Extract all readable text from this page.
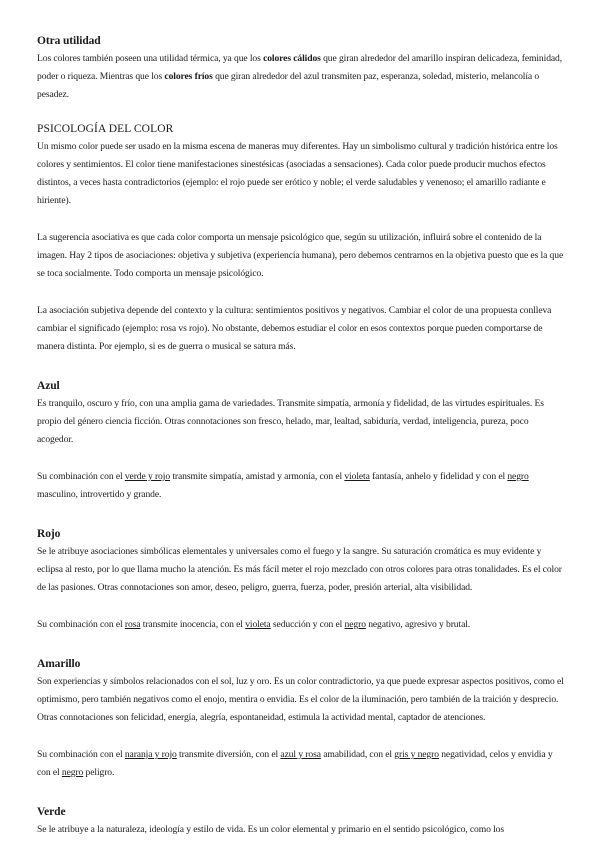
Otra utilidad

Los colores también poseen una utilidad térmica, ya que los colores cálidos que giran alrededor del amarillo inspiran delicadeza, feminidad, poder o riqueza. Mientras que los colores fríos que giran alrededor del azul transmiten paz, esperanza, soledad, misterio, melancolía o pesadez.

PSICOLOGÍA DEL COLOR

Un mismo color puede ser usado en la misma escena de maneras muy diferentes. Hay un simbolismo cultural y tradición histórica entre los colores y sentimientos. El color tiene manifestaciones sinestésicas (asociadas a sensaciones). Cada color puede producir muchos efectos distintos, a veces hasta contradictorios (ejemplo: el rojo puede ser erótico y noble; el verde saludables y venenoso; el amarillo radiante e hiriente).

La sugerencia asociativa es que cada color comporta un mensaje psicológico que, según su utilización, influirá sobre el contenido de la imagen. Hay 2 tipos de asociaciones: objetiva y subjetiva (experiencia humana), pero debemos centrarnos en la objetiva puesto que es la que se toca socialmente. Todo comporta un mensaje psicológico.

La asociación subjetiva depende del contexto y la cultura: sentimientos positivos y negativos. Cambiar el color de una propuesta conlleva cambiar el significado (ejemplo: rosa vs rojo). No obstante, debemos estudiar el color en esos contextos porque pueden comportarse de manera distinta. Por ejemplo, si es de guerra o musical se satura más.

Azul

Es tranquilo, oscuro y frío, con una amplia gama de variedades. Transmite simpatía, armonía y fidelidad, de las virtudes espirituales. Es propio del género ciencia ficción. Otras connotaciones son fresco, helado, mar, lealtad, sabiduría, verdad, inteligencia, pureza, poco acogedor.

Su combinación con el verde y rojo transmite simpatía, amistad y armonía, con el violeta fantasía, anhelo y fidelidad y con el negro masculino, introvertido y grande.

Rojo

Se le atribuye asociaciones simbólicas elementales y universales como el fuego y la sangre. Su saturación cromática es muy evidente y eclipsa al resto, por lo que llama mucho la atención. Es más fácil meter el rojo mezclado con otros colores para otras tonalidades. Es el color de las pasiones. Otras connotaciones son amor, deseo, peligro, guerra, fuerza, poder, presión arterial, alta visibilidad.

Su combinación con el rosa transmite inocencia, con el violeta seducción y con el negro negativo, agresivo y brutal.

Amarillo

Son experiencias y símbolos relacionados con el sol, luz y oro. Es un color contradictorio, ya que puede expresar aspectos positivos, como el optimismo, pero también negativos como el enojo, mentira o envidia. Es el color de la iluminación, pero también de la traición y desprecio. Otras connotaciones son felicidad, energía, alegría, espontaneidad, estimula la actividad mental, captador de atenciones.

Su combinación con el naranja y rojo transmite diversión, con el azul y rosa amabilidad, con el gris y negro negatividad, celos y envidia y con el negro peligro.

Verde

Se le atribuye a la naturaleza, ideología y estilo de vida. Es un color elemental y primario en el sentido psicológico, como los
